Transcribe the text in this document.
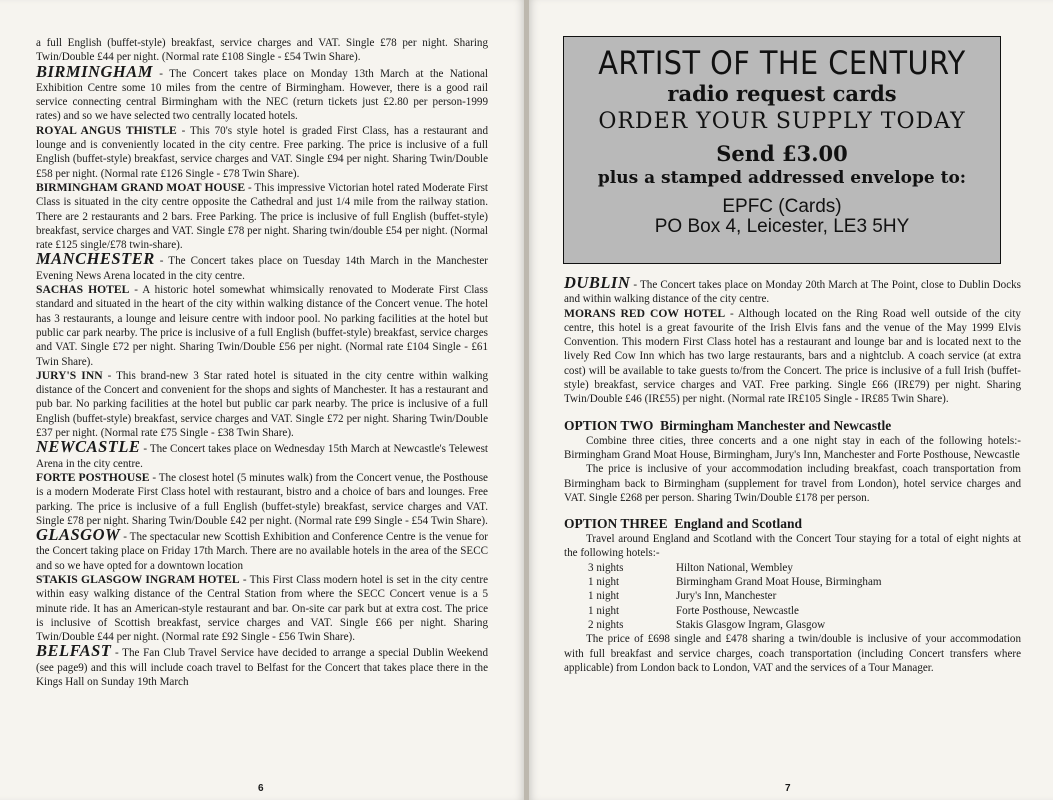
a full English (buffet-style) breakfast, service charges and VAT. Single £78 per night. Sharing Twin/Double £44 per night. (Normal rate £108 Single - £54 Twin Share).

BIRMINGHAM - The Concert takes place on Monday 13th March at the National Exhibition Centre some 10 miles from the centre of Birmingham. However, there is a good rail service connecting central Birmingham with the NEC (return tickets just £2.80 per person-1999 rates) and so we have selected two centrally located hotels.

ROYAL ANGUS THISTLE - This 70's style hotel is graded First Class, has a restaurant and lounge and is conveniently located in the city centre. Free parking. The price is inclusive of a full English (buffet-style) breakfast, service charges and VAT. Single £94 per night. Sharing Twin/Double £58 per night. (Normal rate £126 Single - £78 Twin Share).

BIRMINGHAM GRAND MOAT HOUSE - This impressive Victorian hotel rated Moderate First Class is situated in the city centre opposite the Cathedral and just 1/4 mile from the railway station. There are 2 restaurants and 2 bars. Free Parking. The price is inclusive of full English (buffet-style) breakfast, service charges and VAT. Single £78 per night. Sharing twin/double £54 per night. (Normal rate £125 single/£78 twin-share).

MANCHESTER - The Concert takes place on Tuesday 14th March in the Manchester Evening News Arena located in the city centre.

SACHAS HOTEL - A historic hotel somewhat whimsically renovated to Moderate First Class standard and situated in the heart of the city within walking distance of the Concert venue. The hotel has 3 restaurants, a lounge and leisure centre with indoor pool. No parking facilities at the hotel but public car park nearby. The price is inclusive of a full English (buffet-style) breakfast, service charges and VAT. Single £72 per night. Sharing Twin/Double £56 per night. (Normal rate £104 Single - £61 Twin Share).

JURY'S INN - This brand-new 3 Star rated hotel is situated in the city centre within walking distance of the Concert and convenient for the shops and sights of Manchester. It has a restaurant and pub bar. No parking facilities at the hotel but public car park nearby. The price is inclusive of a full English (buffet-style) breakfast, service charges and VAT. Single £72 per night. Sharing Twin/Double £37 per night. (Normal rate £75 Single - £38 Twin Share).

NEWCASTLE - The Concert takes place on Wednesday 15th March at Newcastle's Telewest Arena in the city centre.

FORTE POSTHOUSE - The closest hotel (5 minutes walk) from the Concert venue, the Posthouse is a modern Moderate First Class hotel with restaurant, bistro and a choice of bars and lounges. Free parking. The price is inclusive of a full English (buffet-style) breakfast, service charges and VAT. Single £78 per night. Sharing Twin/Double £42 per night. (Normal rate £99 Single - £54 Twin Share).

GLASGOW - The spectacular new Scottish Exhibition and Conference Centre is the venue for the Concert taking place on Friday 17th March. There are no available hotels in the area of the SECC and so we have opted for a downtown location

STAKIS GLASGOW INGRAM HOTEL - This First Class modern hotel is set in the city centre within easy walking distance of the Central Station from where the SECC Concert venue is a 5 minute ride. It has an American-style restaurant and bar. On-site car park but at extra cost. The price is inclusive of Scottish breakfast, service charges and VAT. Single £66 per night. Sharing Twin/Double £44 per night. (Normal rate £92 Single - £56 Twin Share).

BELFAST - The Fan Club Travel Service have decided to arrange a special Dublin Weekend (see page9) and this will include coach travel to Belfast for the Concert that takes place there in the Kings Hall on Sunday 19th March

6
ARTIST OF THE CENTURY
radio request cards
ORDER YOUR SUPPLY TODAY
Send £3.00
plus a stamped addressed envelope to:
EPFC (Cards)
PO Box 4, Leicester, LE3 5HY

DUBLIN - The Concert takes place on Monday 20th March at The Point, close to Dublin Docks and within walking distance of the city centre.

MORANS RED COW HOTEL - Although located on the Ring Road well outside of the city centre, this hotel is a great favourite of the Irish Elvis fans and the venue of the May 1999 Elvis Convention. This modern First Class hotel has a restaurant and lounge bar and is located next to the lively Red Cow Inn which has two large restaurants, bars and a nightclub. A coach service (at extra cost) will be available to take guests to/from the Concert. The price is inclusive of a full Irish (buffet-style) breakfast, service charges and VAT. Free parking. Single £66 (IR£79) per night. Sharing Twin/Double £46 (IR£55) per night. (Normal rate IR£105 Single - IR£85 Twin Share).

OPTION TWO Birmingham Manchester and Newcastle

Combine three cities, three concerts and a one night stay in each of the following hotels:- Birmingham Grand Moat House, Birmingham, Jury's Inn, Manchester and Forte Posthouse, Newcastle

The price is inclusive of your accommodation including breakfast, coach transportation from Birmingham back to Birmingham (supplement for travel from London), hotel service charges and VAT. Single £268 per person. Sharing Twin/Double £178 per person.

OPTION THREE England and Scotland

Travel around England and Scotland with the Concert Tour staying for a total of eight nights at the following hotels:-

3 nights	Hilton National, Wembley
1 night	Birmingham Grand Moat House, Birmingham
1 night	Jury's Inn, Manchester
1 night	Forte Posthouse, Newcastle
2 nights	Stakis Glasgow Ingram, Glasgow

The price of £698 single and £478 sharing a twin/double is inclusive of your accommodation with full breakfast and service charges, coach transportation (including Concert transfers where applicable) from London back to London, VAT and the services of a Tour Manager.

7
